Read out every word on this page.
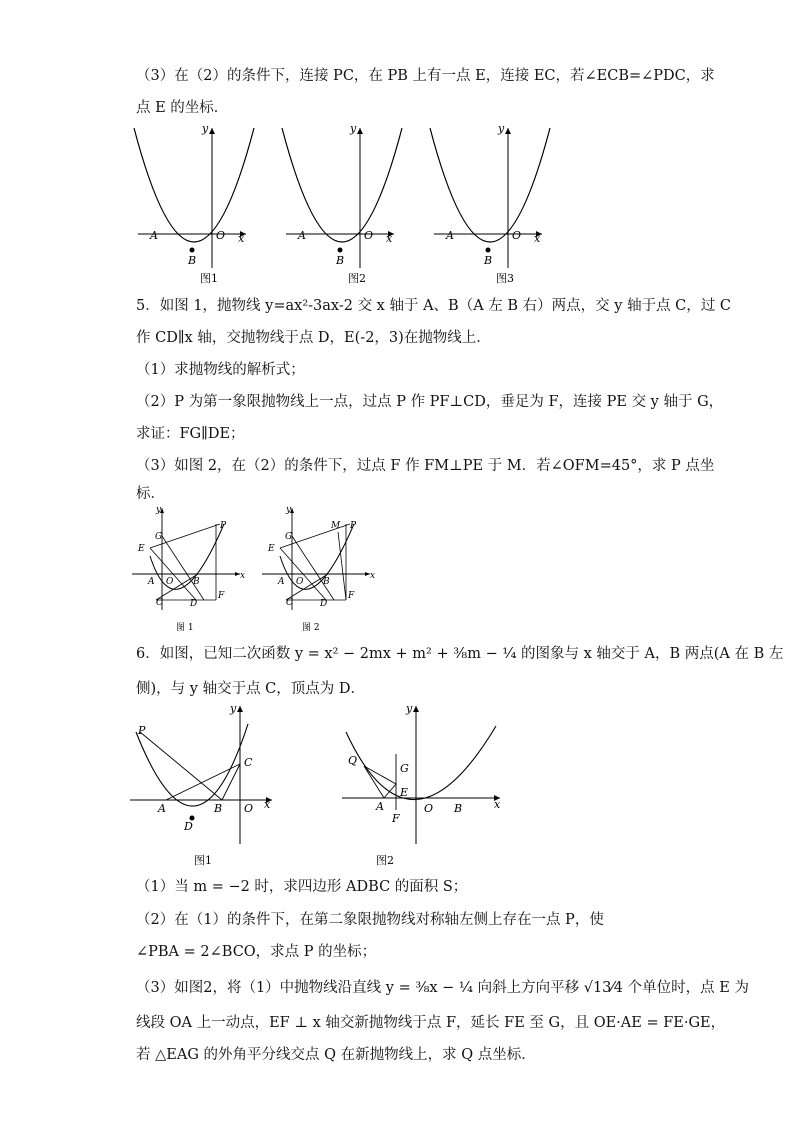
（3）在（2）的条件下，连接 PC，在 PB 上有一点 E，连接 EC，若∠ECB=∠PDC，求
点 E 的坐标．
A
B
O x
y
A
B
O x
y
A
B
O x
y
图1	图2	图3
5．如图 1，抛物线 y=ax²-3ax-2 交 x 轴于 A、B（A 左 B 右）两点，交 y 轴于点 C，过 C
作 CD∥x 轴，交抛物线于点 D，E(-2，3)在抛物线上．
（1）求抛物线的解析式；
（2）P 为第一象限抛物线上一点，过点 P 作 PF⊥CD，垂足为 F，连接 PE 交 y 轴于 G，
求证：FG∥DE；
（3）如图 2，在（2）的条件下，过点 F 作 FM⊥PE 于 M．若∠OFM=45°，求 P 点坐
标．
y
x
G
E
P
A O B
C	D
F
y
x
G
E
M P
A O B
C	D
F
图 1	图 2
6．如图，已知二次函数 y = x² − 2mx + m² + ³⁄₈m − ¹⁄₄ 的图象与 x 轴交于 A，B 两点(A 在 B 左
侧)，与 y 轴交于点 C，顶点为 D．
P
C
A	B O x
y
D
Q
G
E
A	O B
F
x
y
图1	图2
（1）当 m = −2 时，求四边形 ADBC 的面积 S；
（2）在（1）的条件下，在第二象限抛物线对称轴左侧上存在一点 P，使
∠PBA = 2∠BCO，求点 P 的坐标；
（3）如图2，将（1）中抛物线沿直线 y = ³⁄₈x − ¹⁄₄ 向斜上方向平移 √13⁄4 个单位时，点 E 为
线段 OA 上一动点，EF ⊥ x 轴交新抛物线于点 F，延长 FE 至 G，且 OE·AE = FE·GE，
若 △EAG 的外角平分线交点 Q 在新抛物线上，求 Q 点坐标．
